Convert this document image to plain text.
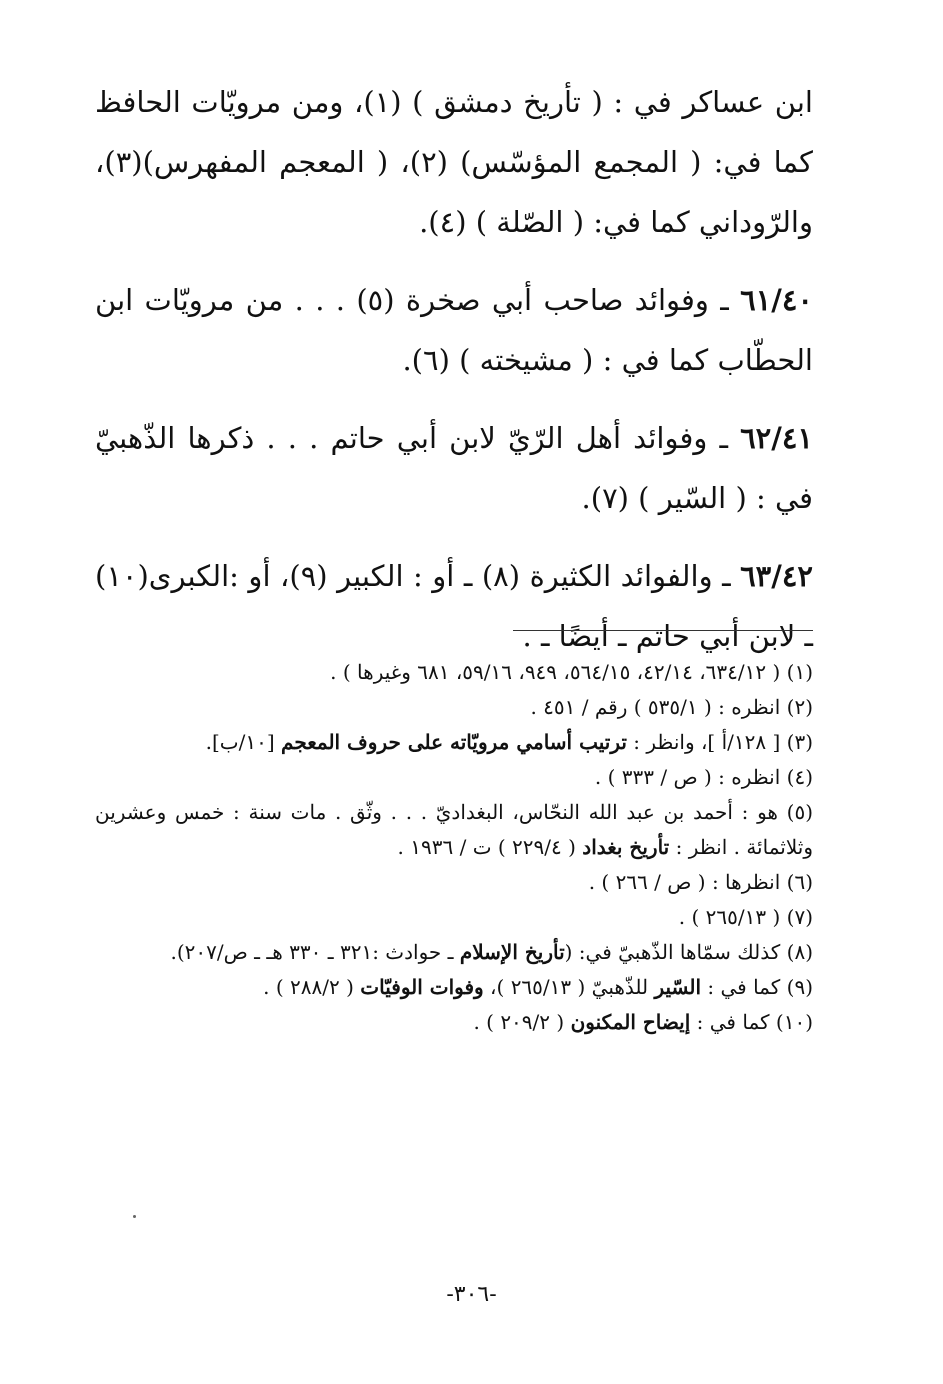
ابن عساكر في : ( تأريخ دمشق ) (١)، ومن مرويّات الحافظ كما في: ( المجمع المؤسّس) (٢)، ( المعجم المفهرس)(٣)، والرّوداني كما في: ( الصّلة ) (٤).

٦١/٤٠ ـ وفوائد صاحب أبي صخرة (٥) . . . من مرويّات ابن الحطّاب كما في : ( مشيخته ) (٦).

٦٢/٤١ ـ وفوائد أهل الرّيّ لابن أبي حاتم . . . ذكرها الذّهبيّ في : ( السّير ) (٧).

٦٣/٤٢ ـ والفوائد الكثيرة (٨) ـ أو : الكبير (٩)، أو :الكبرى(١٠) ـ لابن أبي حاتم ـ أيضًا ـ .

(١) ( ٦٣٤/١٢، ٤٢/١٤، ٥٦٤/١٥، ٩٤٩، ٥٩/١٦، ٦٨١ وغيرها ) .

(٢) انظره : ( ٥٣٥/١ ) رقم / ٤٥١ .

(٣) [ ١٢٨/أ ]، وانظر : ترتيب أسامي مرويّاته على حروف المعجم [١٠/ب].

(٤) انظره : ( ص / ٣٣٣ ) .

(٥) هو : أحمد بن عبد الله النحّاس، البغداديّ . . . وثّق . مات سنة : خمس وعشرين وثلاثمائة . انظر : تأريخ بغداد ( ٢٢٩/٤ ) ت / ١٩٣٦ .

(٦) انظرها : ( ص / ٢٦٦ ) .

(٧) ( ٢٦٥/١٣ ) .

(٨) كذلك سمّاها الذّهبيّ في: (تأريخ الإسلام ـ حوادث :٣٢١ ـ ٣٣٠ هـ ـ ص/٢٠٧).

(٩) كما في : السّير للذّهبيّ ( ٢٦٥/١٣ )، وفوات الوفيّات ( ٢٨٨/٢ ) .

(١٠) كما في : إيضاح المكنون ( ٢٠٩/٢ ) .

-٣٠٦-
